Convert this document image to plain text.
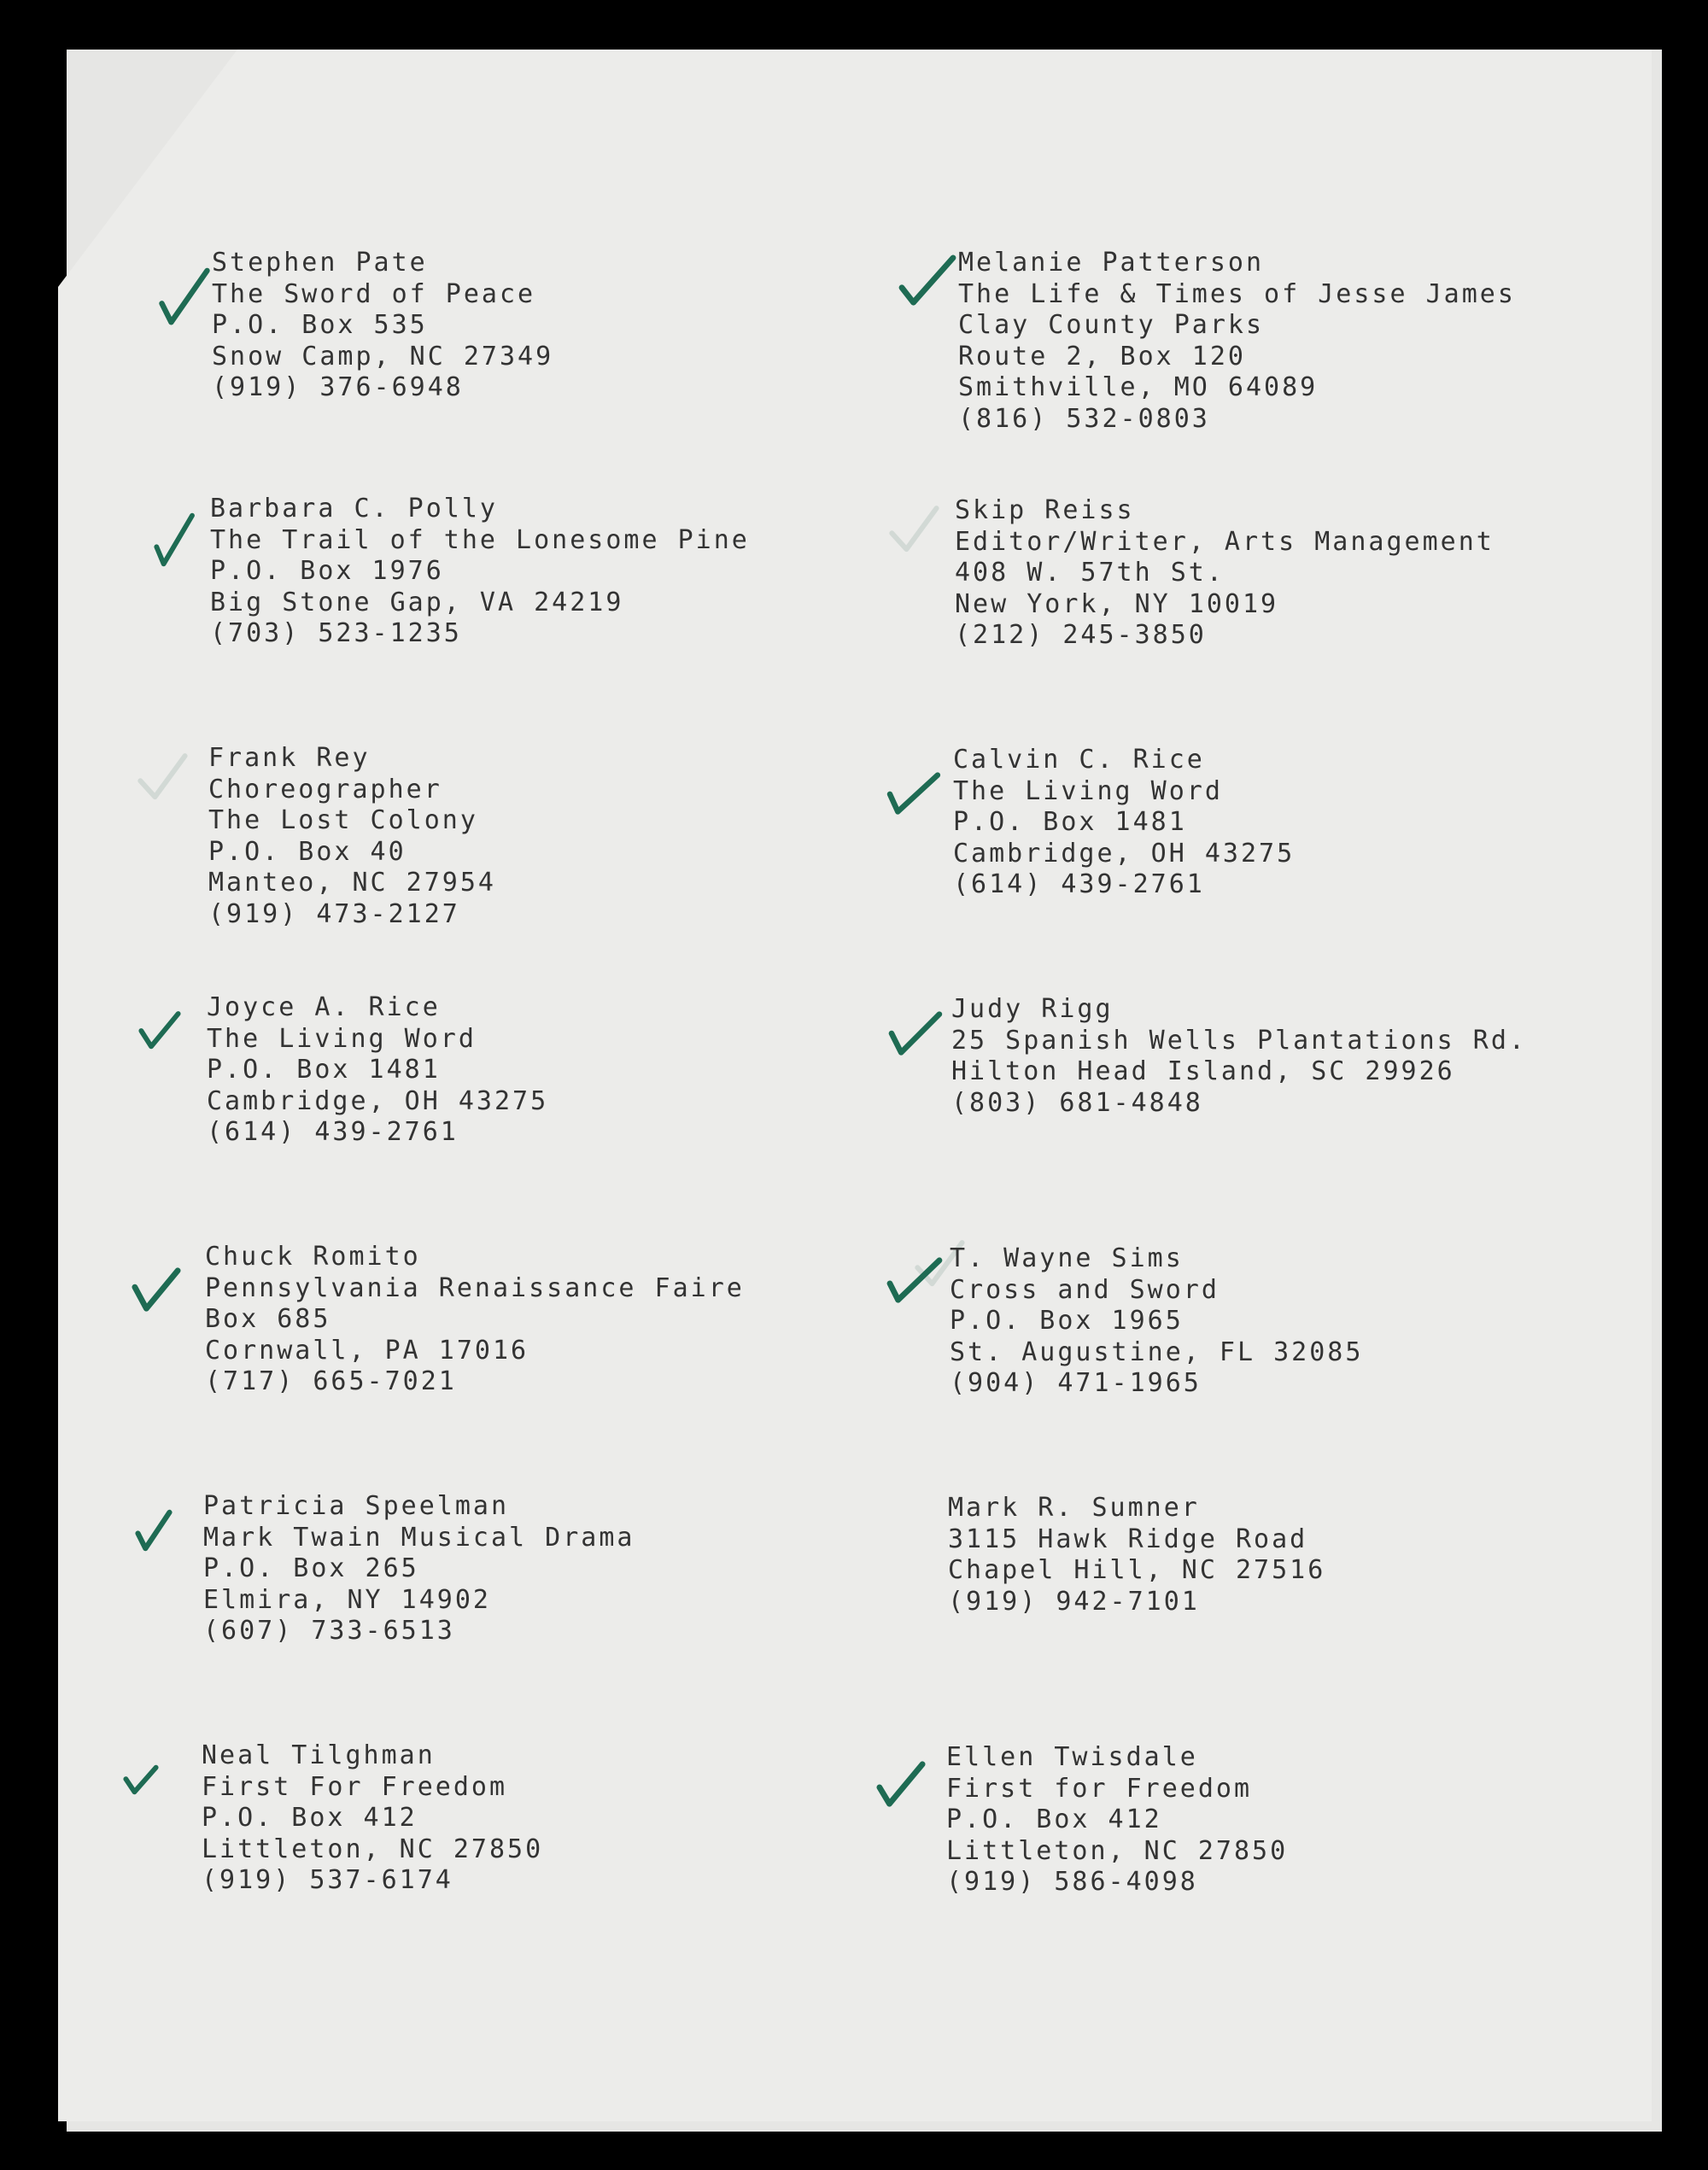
Stephen Pate
The Sword of Peace
P.O. Box 535
Snow Camp, NC 27349
(919) 376-6948
Barbara C. Polly
The Trail of the Lonesome Pine
P.O. Box 1976
Big Stone Gap, VA 24219
(703) 523-1235
Frank Rey
Choreographer
The Lost Colony
P.O. Box 40
Manteo, NC 27954
(919) 473-2127
Joyce A. Rice
The Living Word
P.O. Box 1481
Cambridge, OH 43275
(614) 439-2761
Chuck Romito
Pennsylvania Renaissance Faire
Box 685
Cornwall, PA 17016
(717) 665-7021
Patricia Speelman
Mark Twain Musical Drama
P.O. Box 265
Elmira, NY 14902
(607) 733-6513
Neal Tilghman
First For Freedom
P.O. Box 412
Littleton, NC 27850
(919) 537-6174
Melanie Patterson
The Life & Times of Jesse James
Clay County Parks
Route 2, Box 120
Smithville, MO 64089
(816) 532-0803
Skip Reiss
Editor/Writer, Arts Management
408 W. 57th St.
New York, NY 10019
(212) 245-3850
Calvin C. Rice
The Living Word
P.O. Box 1481
Cambridge, OH 43275
(614) 439-2761
Judy Rigg
25 Spanish Wells Plantations Rd.
Hilton Head Island, SC 29926
(803) 681-4848
T. Wayne Sims
Cross and Sword
P.O. Box 1965
St. Augustine, FL 32085
(904) 471-1965
Mark R. Sumner
3115 Hawk Ridge Road
Chapel Hill, NC 27516
(919) 942-7101
Ellen Twisdale
First for Freedom
P.O. Box 412
Littleton, NC 27850
(919) 586-4098
